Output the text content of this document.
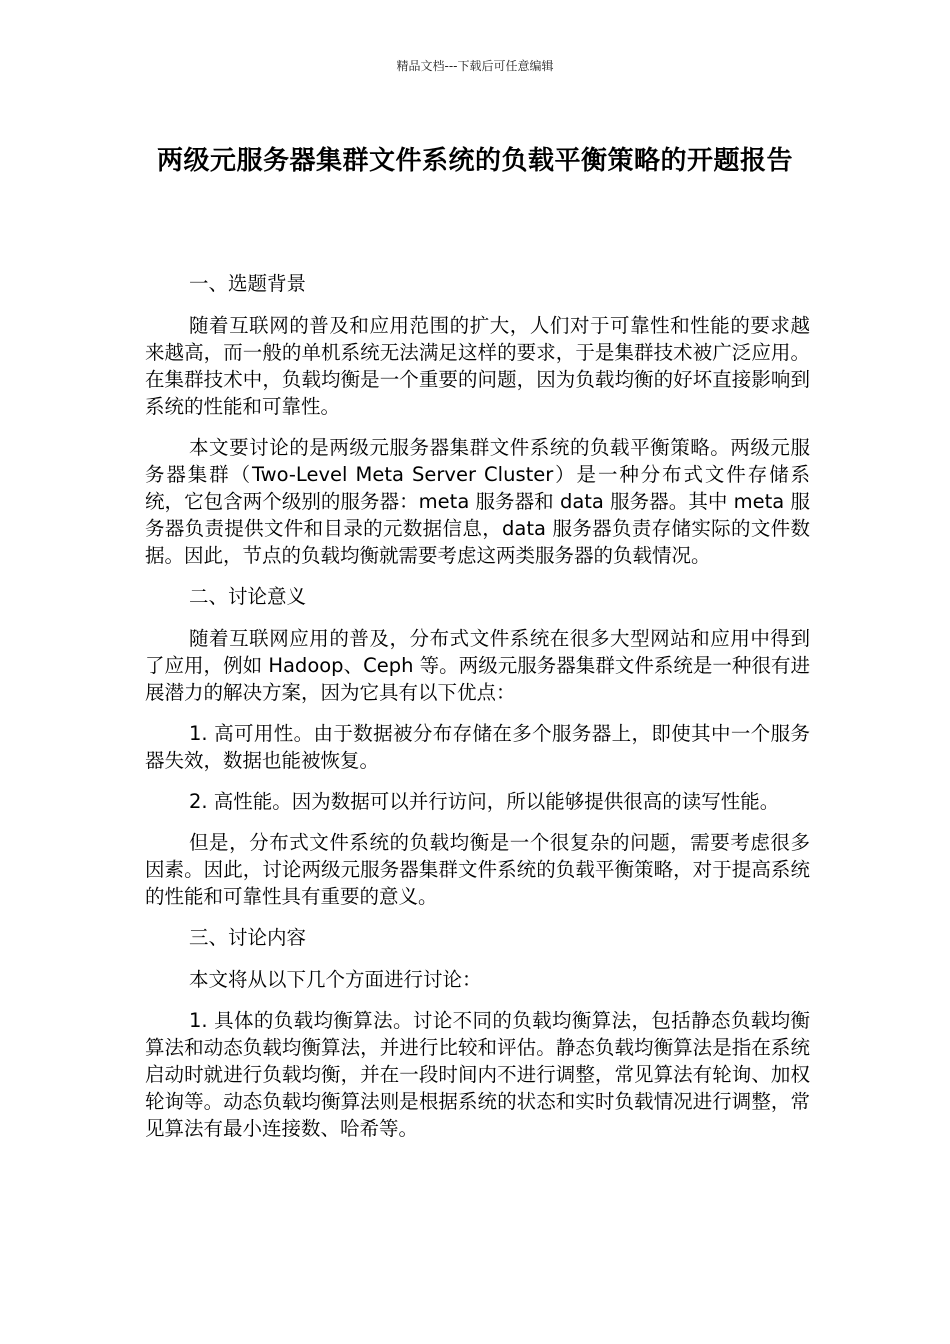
精品文档---下载后可任意编辑
两级元服务器集群文件系统的负载平衡策略的开题报告

一、选题背景

随着互联网的普及和应用范围的扩大，人们对于可靠性和性能的要求越来越高，而一般的单机系统无法满足这样的要求，于是集群技术被广泛应用。在集群技术中，负载均衡是一个重要的问题，因为负载均衡的好坏直接影响到系统的性能和可靠性。

本文要讨论的是两级元服务器集群文件系统的负载平衡策略。两级元服务器集群（Two-Level Meta Server Cluster）是一种分布式文件存储系统，它包含两个级别的服务器：meta 服务器和 data 服务器。其中 meta 服务器负责提供文件和目录的元数据信息，data 服务器负责存储实际的文件数据。因此，节点的负载均衡就需要考虑这两类服务器的负载情况。

二、讨论意义

随着互联网应用的普及，分布式文件系统在很多大型网站和应用中得到了应用，例如 Hadoop、Ceph 等。两级元服务器集群文件系统是一种很有进展潜力的解决方案，因为它具有以下优点：

1. 高可用性。由于数据被分布存储在多个服务器上，即使其中一个服务器失效，数据也能被恢复。

2. 高性能。因为数据可以并行访问，所以能够提供很高的读写性能。

但是，分布式文件系统的负载均衡是一个很复杂的问题，需要考虑很多因素。因此，讨论两级元服务器集群文件系统的负载平衡策略，对于提高系统的性能和可靠性具有重要的意义。

三、讨论内容

本文将从以下几个方面进行讨论：

1. 具体的负载均衡算法。讨论不同的负载均衡算法，包括静态负载均衡算法和动态负载均衡算法，并进行比较和评估。静态负载均衡算法是指在系统启动时就进行负载均衡，并在一段时间内不进行调整，常见算法有轮询、加权轮询等。动态负载均衡算法则是根据系统的状态和实时负载情况进行调整，常见算法有最小连接数、哈希等。
